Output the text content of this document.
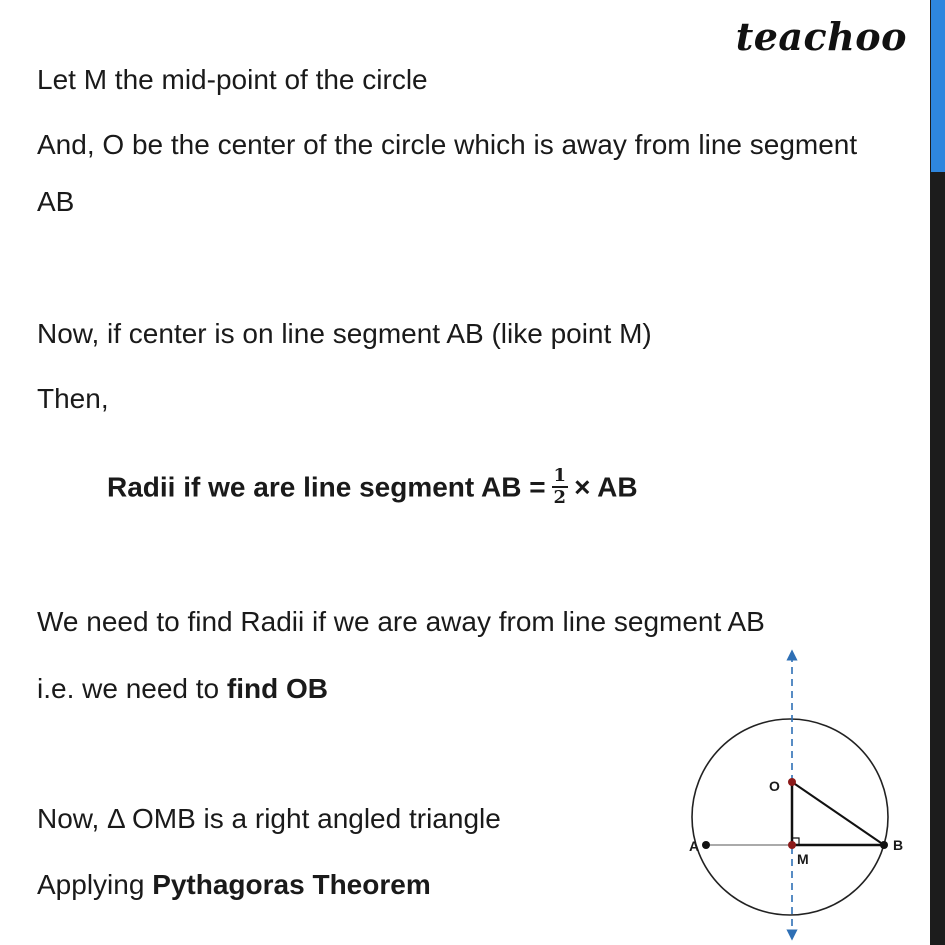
teachoo
Let M the mid-point of the circle
And, O be the center of the circle which is away from line segment
AB
Now, if center is on line segment AB (like point M)
Then,
Radii if we are line segment AB = $\frac{1}{2}$ × AB
We need to find Radii if we are away from line segment AB
i.e. we need to find OB
Now, Δ OMB is a right angled triangle
Applying Pythagoras Theorem
O
A
M
B
